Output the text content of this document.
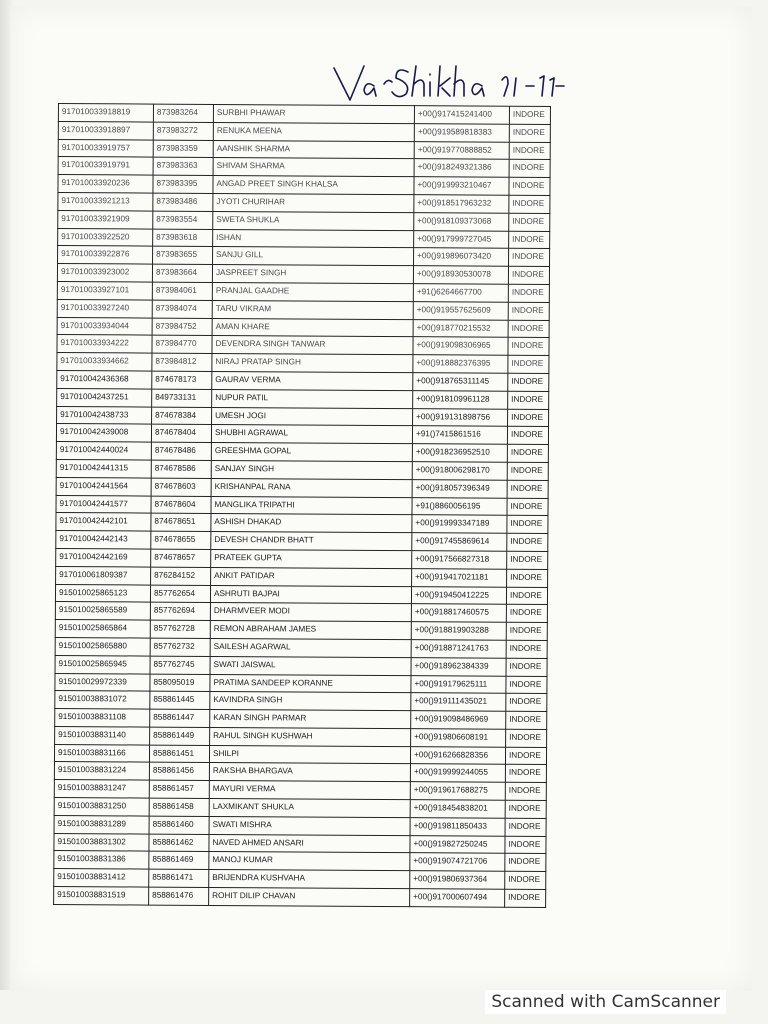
917010033918819	873983264	SURBHI PHAWAR	+00()917415241400	INDORE
917010033918897	873983272	RENUKA MEENA	+00()919589818383	INDORE
917010033919757	873983359	AANSHIK SHARMA	+00()919770888852	INDORE
917010033919791	873983363	SHIVAM SHARMA	+00()918249321386	INDORE
917010033920236	873983395	ANGAD PREET SINGH KHALSA	+00()919993210467	INDORE
917010033921213	873983486	JYOTI CHURIHAR	+00()918517963232	INDORE
917010033921909	873983554	SWETA SHUKLA	+00()918109373068	INDORE
917010033922520	873983618	ISHAN	+00()917999727045	INDORE
917010033922876	873983655	SANJU GILL	+00()919896073420	INDORE
917010033923002	873983664	JASPREET SINGH	+00()918930530078	INDORE
917010033927101	873984061	PRANJAL GAADHE	+91()6264667700	INDORE
917010033927240	873984074	TARU VIKRAM	+00()919557625609	INDORE
917010033934044	873984752	AMAN KHARE	+00()918770215532	INDORE
917010033934222	873984770	DEVENDRA SINGH TANWAR	+00()919098306965	INDORE
917010033934662	873984812	NIRAJ PRATAP SINGH	+00()918882376395	INDORE
917010042436368	874678173	GAURAV VERMA	+00()918765311145	INDORE
917010042437251	849733131	NUPUR PATIL	+00()918109961128	INDORE
917010042438733	874678384	UMESH JOGI	+00()919131898756	INDORE
917010042439008	874678404	SHUBHI AGRAWAL	+91()7415861516	INDORE
917010042440024	874678486	GREESHMA GOPAL	+00()918236952510	INDORE
917010042441315	874678586	SANJAY SINGH	+00()918006298170	INDORE
917010042441564	874678603	KRISHANPAL RANA	+00()918057396349	INDORE
917010042441577	874678604	MANGLIKA TRIPATHI	+91()8860056195	INDORE
917010042442101	874678651	ASHISH DHAKAD	+00()919993347189	INDORE
917010042442143	874678655	DEVESH CHANDR BHATT	+00()917455869614	INDORE
917010042442169	874678657	PRATEEK GUPTA	+00()917566827318	INDORE
917010061809387	876284152	ANKIT PATIDAR	+00()919417021181	INDORE
915010025865123	857762654	ASHRUTI BAJPAI	+00()919450412225	INDORE
915010025865589	857762694	DHARMVEER MODI	+00()918817460575	INDORE
915010025865864	857762728	REMON ABRAHAM JAMES	+00()918819903288	INDORE
915010025865880	857762732	SAILESH AGARWAL	+00()918871241763	INDORE
915010025865945	857762745	SWATI JAISWAL	+00()918962384339	INDORE
915010029972339	858095019	PRATIMA SANDEEP KORANNE	+00()919179625111	INDORE
915010038831072	858861445	KAVINDRA SINGH	+00()919111435021	INDORE
915010038831108	858861447	KARAN SINGH PARMAR	+00()919098486969	INDORE
915010038831140	858861449	RAHUL SINGH KUSHWAH	+00()919806608191	INDORE
915010038831166	858861451	SHILPI	+00()916266828356	INDORE
915010038831224	858861456	RAKSHA BHARGAVA	+00()919999244055	INDORE
915010038831247	858861457	MAYURI VERMA	+00()919617688275	INDORE
915010038831250	858861458	LAXMIKANT SHUKLA	+00()918454838201	INDORE
915010038831289	858861460	SWATI MISHRA	+00()919811850433	INDORE
915010038831302	858861462	NAVED AHMED ANSARI	+00()919827250245	INDORE
915010038831386	858861469	MANOJ KUMAR	+00()919074721706	INDORE
915010038831412	858861471	BRIJENDRA KUSHVAHA	+00()919806937364	INDORE
915010038831519	858861476	ROHIT DILIP CHAVAN	+00()917000607494	INDORE
Scanned with CamScanner
